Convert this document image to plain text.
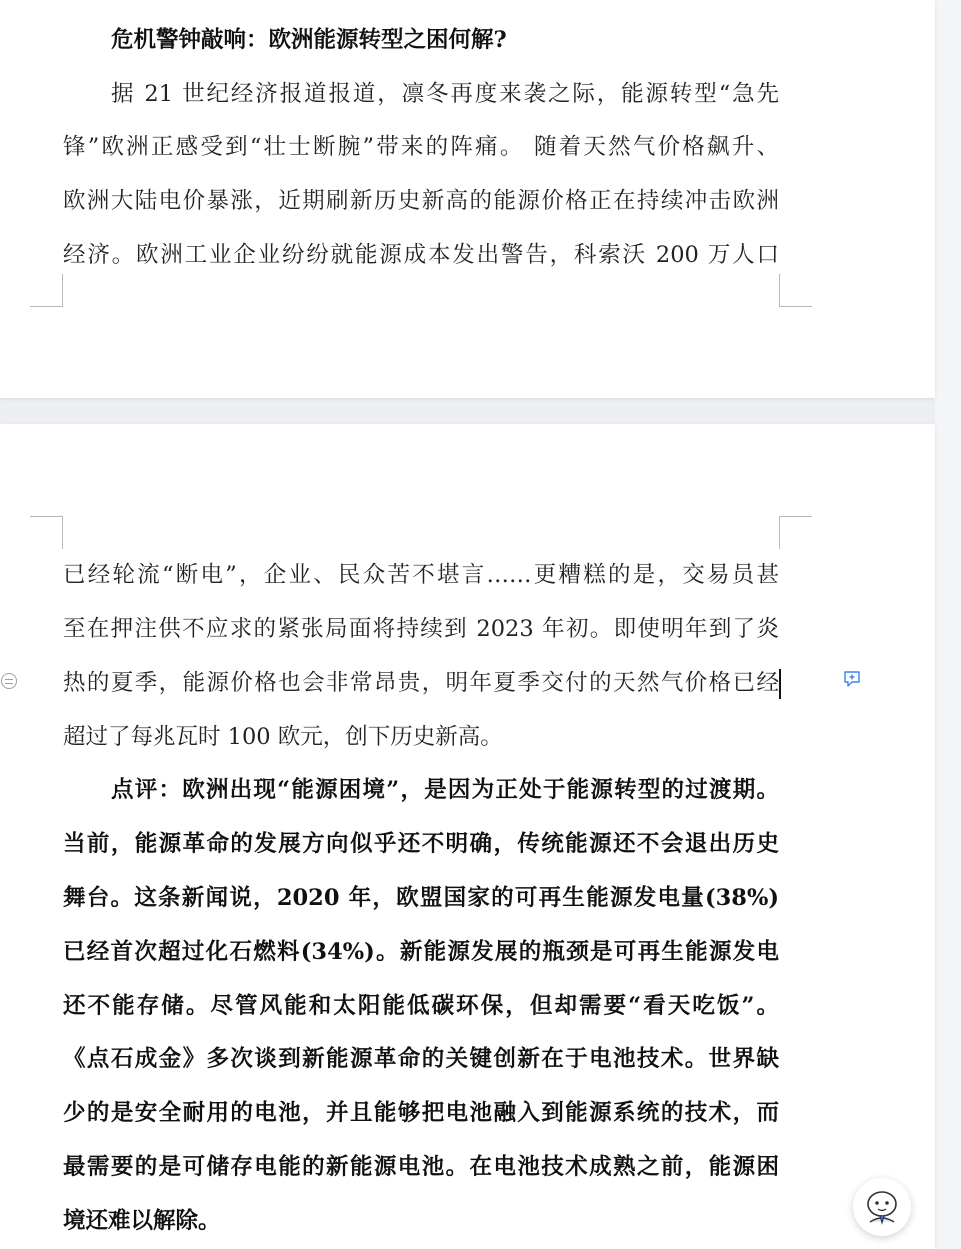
危机警钟敲响：欧洲能源转型之困何解?

据 21 世纪经济报道报道，凛冬再度来袭之际，能源转型“急先

锋”欧洲正感受到“壮士断腕”带来的阵痛。 随着天然气价格飙升、

欧洲大陆电价暴涨，近期刷新历史新高的能源价格正在持续冲击欧洲

经济。欧洲工业企业纷纷就能源成本发出警告，科索沃 200 万人口

已经轮流“断电”，企业、民众苦不堪言……更糟糕的是，交易员甚

至在押注供不应求的紧张局面将持续到 2023 年初。即使明年到了炎

热的夏季，能源价格也会非常昂贵，明年夏季交付的天然气价格已经

超过了每兆瓦时 100 欧元，创下历史新高。

点评：欧洲出现“能源困境”，是因为正处于能源转型的过渡期。

当前，能源革命的发展方向似乎还不明确，传统能源还不会退出历史

舞台。这条新闻说，2020 年，欧盟国家的可再生能源发电量(38%)

已经首次超过化石燃料(34%)。新能源发展的瓶颈是可再生能源发电

还不能存储。尽管风能和太阳能低碳环保，但却需要“看天吃饭”。

《点石成金》多次谈到新能源革命的关键创新在于电池技术。世界缺

少的是安全耐用的电池，并且能够把电池融入到能源系统的技术，而

最需要的是可储存电能的新能源电池。在电池技术成熟之前，能源困

境还难以解除。
